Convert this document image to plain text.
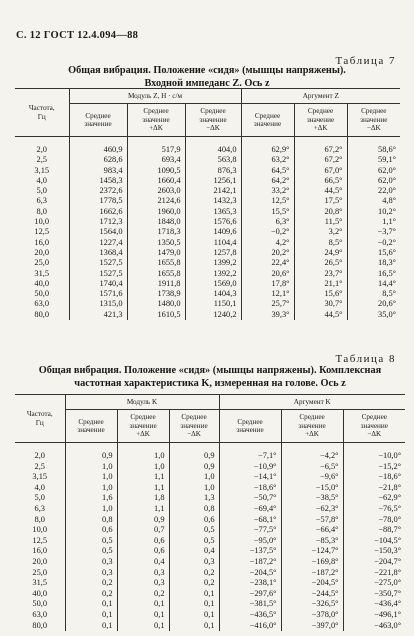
С. 12 ГОСТ 12.4.094—88
Таблица 7
Общая вибрация. Положение «сидя» (мышцы напряжены).
Входной импеданс Z. Ось z
Частота,
Гц	Модуль Z, Н · с/м			Аргумент Z		
	Среднее
значение	Среднее
значение
+ΔK	Среднее
значение
−ΔK	Среднее
значение	Среднее
значение
+ΔK	Среднее
значение
−ΔK
2,0	460,9	517,9	404,0	62,9°	67,2°	58,6°
2,5	628,6	693,4	563,8	63,2°	67,2°	59,1°
3,15	983,4	1090,5	876,3	64,5°	67,0°	62,0°
4,0	1458,3	1660,4	1256,1	64,2°	66,5°	62,0°
5,0	2372,6	2603,0	2142,1	33,2°	44,5°	22,0°
6,3	1778,5	2124,6	1432,3	12,5°	17,5°	4,8°
8,0	1662,6	1960,0	1365,3	15,5°	20,8°	10,2°
10,0	1712,3	1848,0	1576,6	6,3°	11,5°	1,1°
12,5	1564,0	1718,3	1409,6	−0,2°	3,2°	−3,7°
16,0	1227,4	1350,5	1104,4	4,2°	8,5°	−0,2°
20,0	1368,4	1479,0	1257,8	20,2°	24,9°	15,6°
25,0	1527,5	1655,8	1399,2	22,4°	26,5°	18,3°
31,5	1527,5	1655,8	1392,2	20,6°	23,7°	16,5°
40,0	1740,4	1911,8	1569,0	17,8°	21,1°	14,4°
50,0	1571,6	1738,9	1404,3	12,1°	15,6°	8,5°
63,0	1315,0	1480,0	1150,1	25,7°	30,7°	20,6°
80,0	421,3	1610,5	1240,2	39,3°	44,5°	35,0°
Таблица 8
Общая вибрация. Положение «сидя» (мышцы напряжены). Комплексная
частотная характеристика K, измеренная на голове. Ось z
Частота,
Гц	Модуль K			Аргумент K		
	Среднее
значение	Среднее
значение
+ΔK	Среднее
значение
−ΔK	Среднее
значение	Среднее
значение
+ΔK	Среднее
значение
−ΔK
2,0	0,9	1,0	0,9	−7,1°	−4,2°	−10,0°
2,5	1,0	1,0	0,9	−10,9°	−6,5°	−15,2°
3,15	1,0	1,1	1,0	−14,1°	−9,6°	−18,6°
4,0	1,0	1,1	1,0	−18,6°	−15,0°	−21,8°
5,0	1,6	1,8	1,3	−50,7°	−38,5°	−62,9°
6,3	1,0	1,1	0,8	−69,4°	−62,3°	−76,5°
8,0	0,8	0,9	0,6	−68,1°	−57,8°	−78,0°
10,0	0,6	0,7	0,5	−77,5°	−66,4°	−88,7°
12,5	0,5	0,6	0,5	−95,0°	−85,3°	−104,5°
16,0	0,5	0,6	0,4	−137,5°	−124,7°	−150,3°
20,0	0,3	0,4	0,3	−187,2°	−169,8°	−204,7°
25,0	0,3	0,3	0,2	−204,5°	−187,2°	−221,8°
31,5	0,2	0,3	0,2	−238,1°	−204,5°	−275,0°
40,0	0,2	0,2	0,1	−297,6°	−244,5°	−350,7°
50,0	0,1	0,1	0,1	−381,5°	−326,5°	−436,4°
63,0	0,1	0,1	0,1	−436,5°	−378,0°	−496,1°
80,0	0,1	0,1	0,1	−416,0°	−397,0°	−463,0°
